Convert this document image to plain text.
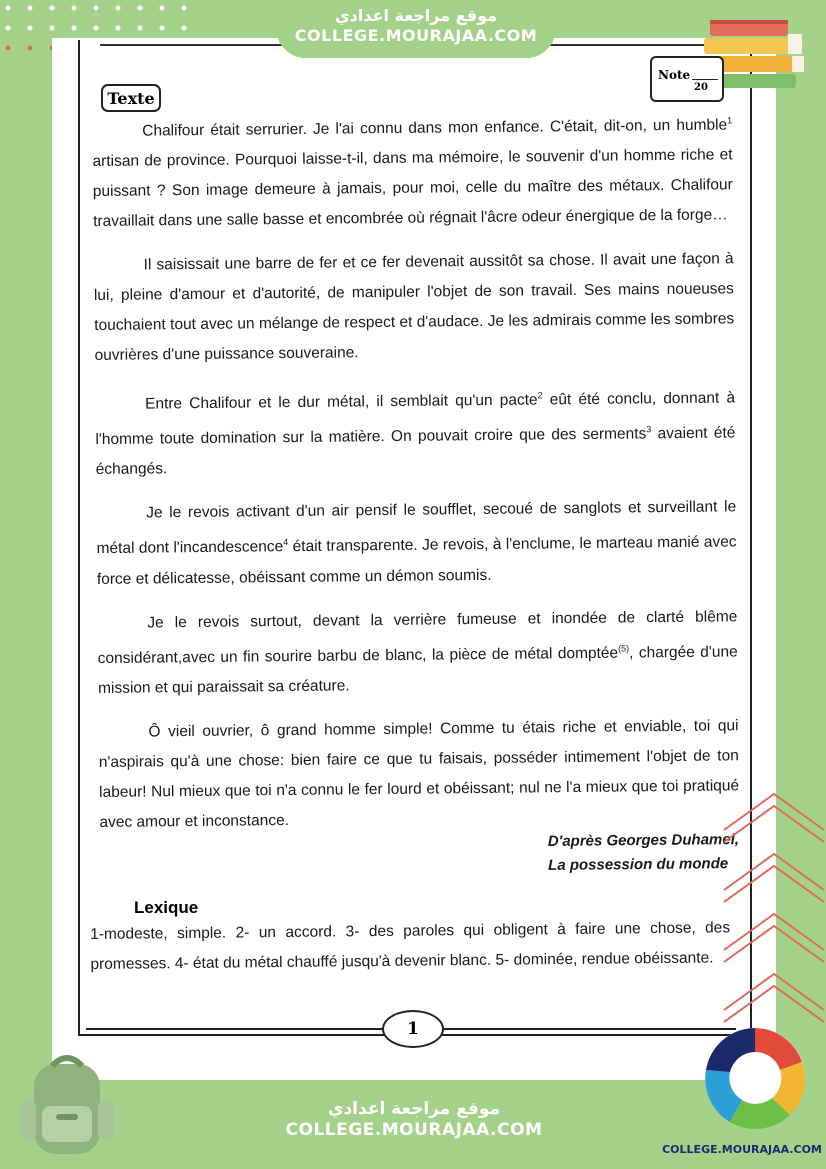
موقع مراجعة اعدادي
COLLEGE.MOURAJAA.COM
Texte
Note
20

Chalifour était serrurier. Je l'ai connu dans mon enfance. C'était, dit-on, un humble$^1$ artisan de province. Pourquoi laisse-t-il, dans ma mémoire, le souvenir d'un homme riche et puissant ? Son image demeure à jamais, pour moi, celle du maître des métaux. Chalifour travaillait dans une salle basse et encombrée où régnait l'âcre odeur énergique de la forge…

Il saisissait une barre de fer et ce fer devenait aussitôt sa chose. Il avait une façon à lui, pleine d'amour et d'autorité, de manipuler l'objet de son travail. Ses mains noueuses touchaient tout avec un mélange de respect et d'audace. Je les admirais comme les sombres ouvrières d'une puissance souveraine.

Entre Chalifour et le dur métal, il semblait qu'un pacte$^2$ eût été conclu, donnant à l'homme toute domination sur la matière. On pouvait croire que des serments$^3$ avaient été échangés.

Je le revois activant d'un air pensif le soufflet, secoué de sanglots et surveillant le métal dont l'incandescence$^4$ était transparente. Je revois, à l'enclume, le marteau manié avec force et délicatesse, obéissant comme un démon soumis.

Je le revois surtout, devant la verrière fumeuse et inondée de clarté blême considérant,avec un fin sourire barbu de blanc, la pièce de métal domptée$^{(5)}$, chargée d'une mission et qui paraissait sa créature.

Ô vieil ouvrier, ô grand homme simple! Comme tu étais riche et enviable, toi qui n'aspirais qu'à une chose: bien faire ce que tu faisais, posséder intimement l'objet de ton labeur! Nul mieux que toi n'a connu le fer lourd et obéissant; nul ne l'a mieux que toi pratiqué avec amour et inconstance.

D'après Georges Duhamel,
La possession du monde
Lexique
1-modeste, simple. 2- un accord. 3- des paroles qui obligent à faire une chose, des promesses. 4- état du métal chauffé jusqu'à devenir blanc. 5- dominée, rendue obéissante.
1
موقع مراجعة اعدادي
COLLEGE.MOURAJAA.COM
COLLEGE.MOURAJAA.COM
